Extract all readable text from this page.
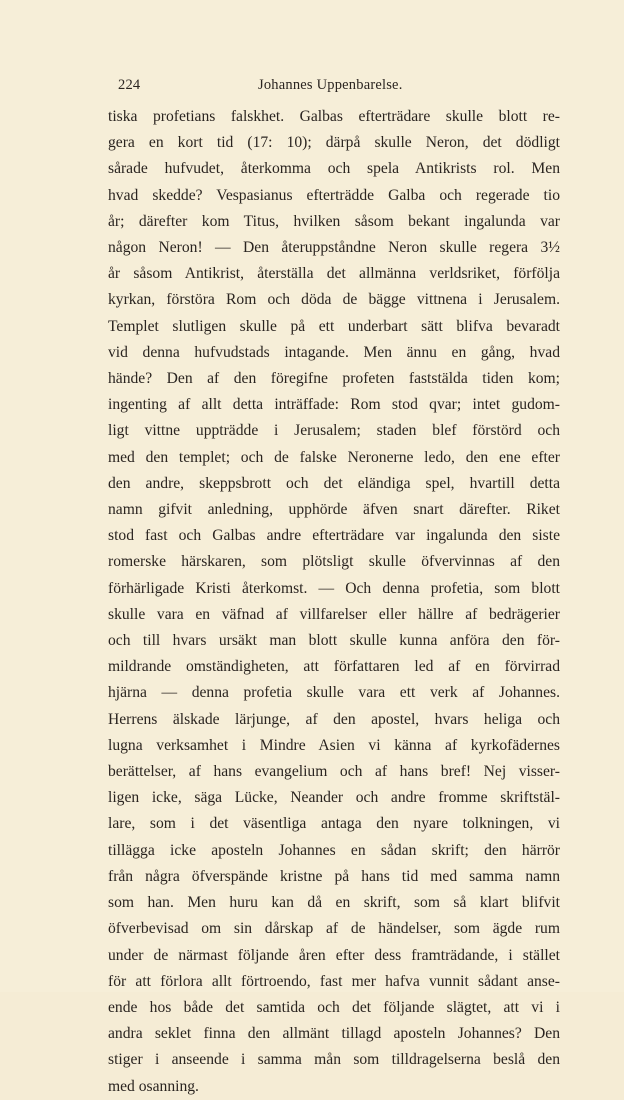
224	Johannes Uppenbarelse.
tiska profetians falskhet. Galbas efterträdare skulle blott re-
gera en kort tid (17: 10); därpå skulle Neron, det dödligt
sårade hufvudet, återkomma och spela Antikrists rol. Men
hvad skedde? Vespasianus efterträdde Galba och regerade tio
år; därefter kom Titus, hvilken såsom bekant ingalunda var
någon Neron! — Den återuppståndne Neron skulle regera 3½
år såsom Antikrist, återställa det allmänna verldsriket, förfölja
kyrkan, förstöra Rom och döda de bägge vittnena i Jerusalem.
Templet slutligen skulle på ett underbart sätt blifva bevaradt
vid denna hufvudstads intagande. Men ännu en gång, hvad
hände? Den af den föregifne profeten faststälda tiden kom;
ingenting af allt detta inträffade: Rom stod qvar; intet gudom-
ligt vittne uppträdde i Jerusalem; staden blef förstörd och
med den templet; och de falske Neronerne ledo, den ene efter
den andre, skeppsbrott och det eländiga spel, hvartill detta
namn gifvit anledning, upphörde äfven snart därefter. Riket
stod fast och Galbas andre efterträdare var ingalunda den siste
romerske härskaren, som plötsligt skulle öfvervinnas af den
förhärligade Kristi återkomst. — Och denna profetia, som blott
skulle vara en väfnad af villfarelser eller hällre af bedrägerier
och till hvars ursäkt man blott skulle kunna anföra den för-
mildrande omständigheten, att författaren led af en förvirrad
hjärna — denna profetia skulle vara ett verk af Johannes.
Herrens älskade lärjunge, af den apostel, hvars heliga och
lugna verksamhet i Mindre Asien vi känna af kyrkofädernes
berättelser, af hans evangelium och af hans bref! Nej visser-
ligen icke, säga Lücke, Neander och andre fromme skriftstäl-
lare, som i det väsentliga antaga den nyare tolkningen, vi
tillägga icke aposteln Johannes en sådan skrift; den härrör
från några öfverspände kristne på hans tid med samma namn
som han. Men huru kan då en skrift, som så klart blifvit
öfverbevisad om sin dårskap af de händelser, som ägde rum
under de närmast följande åren efter dess framträdande, i stället
för att förlora allt förtroendo, fast mer hafva vunnit sådant anse-
ende hos både det samtida och det följande slägtet, att vi i
andra seklet finna den allmänt tillagd aposteln Johannes? Den
stiger i anseende i samma mån som tilldragelserna beslå den
med osanning.
